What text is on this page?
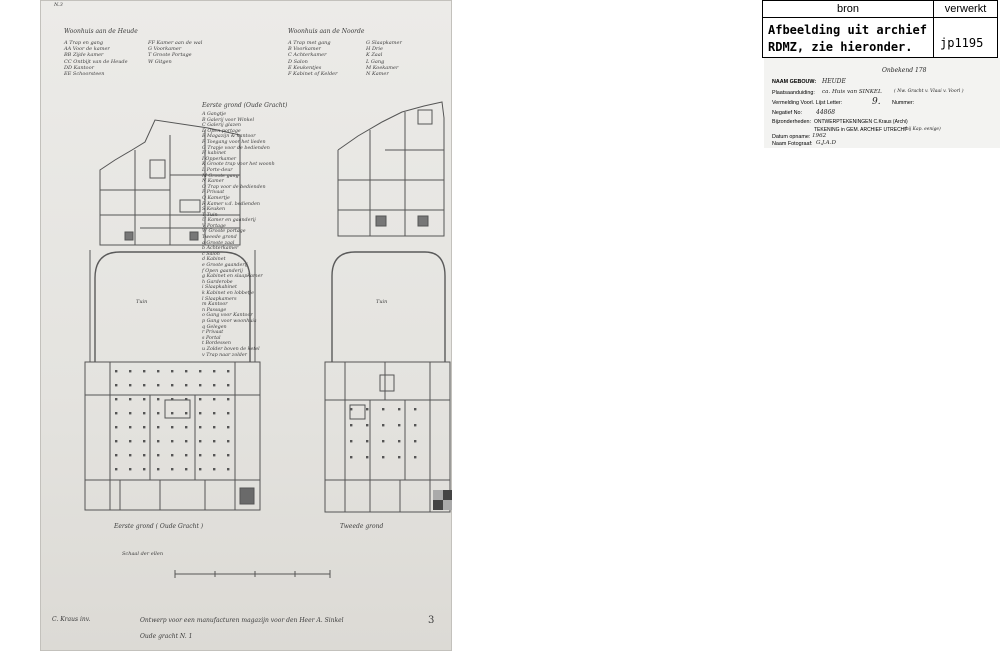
N.3
Woonhuis aan de Heude
A Trap en gang
AA Voor de kamer
BB Zijde kamer
CC Ontbijt van de Heude
DD Kantoor
EE Schoorsteen
FF Kamer aan de wal
G Voorkamer
T Groote Portage
W Gitgen
Woonhuis aan de Noorde
A Trap met gang
B Voorkamer
C Achterkamer
D Salon
E Keukentjes
F Kabinet of Kelder
G Slaapkamer
H Drie
K Zaal
L Gang
M Koekamer
N Kamer
Eerste grond (Oude Gracht)
A Gangtje
B Galerij voor Winkel
C Galerij glazen
D Open portage
E Magazijn & kantoor
F Toegang voor het lieden
G Trapje voor de bedienden
H kabinet
I Opperkamer
K Groote trap voor het woonh
L Porte-deur
M Groote gang
N Kamer
O Trap voor de bedienden
P Privaat
Q Kamertje
R Kamer v.d. bedienden
S Keuken
T Tuin
U Kamer en gaanderij
V Portage
W Groote portage
Tweede grond
a Groote zaal
b Achterkamer
c Salon
d Kabinet
e Groote gaanderij
f Open gaanderij
g Kabinet en slaapkamer
h Garderobe
i Slaapkabinet
k Kabinet en lobbetje
l Slaapkamers
m Kantoor
n Passage
o Gang voor Kantoor
p Gang voor woonhuis
q Gelegen
r Privaat
s Portal
t Bordessen
u Zolder boven de ketel
v Trap naar zolder
Tuin	Tuin
Eerste grond ( Oude Gracht )	Tweede grond
Schaal der ellen
C. Kraus inv.	Ontwerp voor een manufacturen magazijn voor den Heer A. Sinkel
Oude gracht N. 1
3
bron	verwerkt
Afbeelding uit archief
RDMZ, zie hieronder.	jp1195
Onbekend 178
NAAM GEBOUW: HEUDE
Plaatsaanduiding: ca. Huis van SINKEL	( Nw. Gracht v. Vlaai v. Voorl )
Vermelding Voorl. Lijst Letter:	9. Nummer:
Negatief No: 44868
Bijzonderheden: ONTWERPTEKENINGEN C.Kraus (Archi)
TEKENING in GEM. ARCHIEF UTRECHT
(bij Kap. eenige)
Datum opname: 1962
Naam Fotograaf: G.J.A.D
